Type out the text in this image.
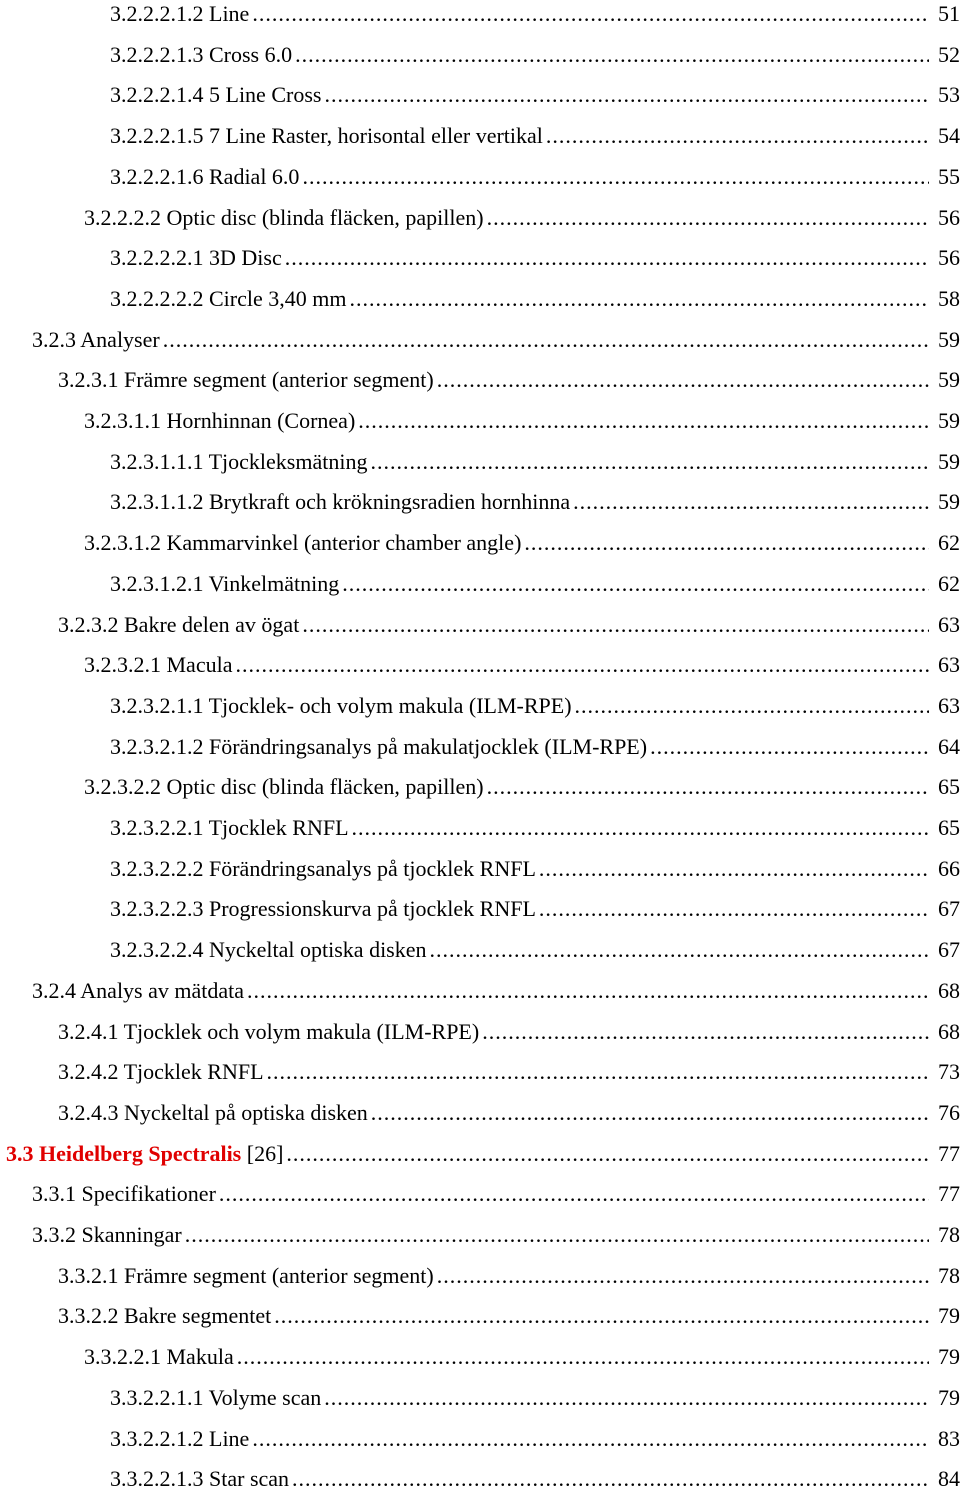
3.2.2.2.1.2 Line .....	51
3.2.2.2.1.3 Cross 6.0 .....	52
3.2.2.2.1.4 5 Line Cross .....	53
3.2.2.2.1.5 7 Line Raster, horisontal eller vertikal .....	54
3.2.2.2.1.6 Radial 6.0 .....	55
3.2.2.2.2 Optic disc (blinda fläcken, papillen) .....	56
3.2.2.2.2.1 3D Disc .....	56
3.2.2.2.2.2 Circle 3,40 mm .....	58
3.2.3 Analyser .....	59
3.2.3.1 Främre segment (anterior segment) .....	59
3.2.3.1.1 Hornhinnan (Cornea) .....	59
3.2.3.1.1.1 Tjockleksmätning .....	59
3.2.3.1.1.2 Brytkraft och krökningsradien hornhinna .....	59
3.2.3.1.2 Kammarvinkel (anterior chamber angle) .....	62
3.2.3.1.2.1 Vinkelmätning .....	62
3.2.3.2 Bakre delen av ögat .....	63
3.2.3.2.1 Macula .....	63
3.2.3.2.1.1 Tjocklek- och volym makula (ILM-RPE) .....	63
3.2.3.2.1.2 Förändringsanalys på makulatjocklek (ILM-RPE) .....	64
3.2.3.2.2 Optic disc (blinda fläcken, papillen) .....	65
3.2.3.2.2.1 Tjocklek RNFL .....	65
3.2.3.2.2.2 Förändringsanalys på tjocklek RNFL .....	66
3.2.3.2.2.3 Progressionskurva på tjocklek RNFL .....	67
3.2.3.2.2.4 Nyckeltal optiska disken .....	67
3.2.4 Analys av mätdata .....	68
3.2.4.1 Tjocklek och volym makula (ILM-RPE) .....	68
3.2.4.2 Tjocklek RNFL .....	73
3.2.4.3 Nyckeltal på optiska disken .....	76
3.3 Heidelberg Spectralis [26] .....	77
3.3.1 Specifikationer .....	77
3.3.2 Skanningar .....	78
3.3.2.1 Främre segment (anterior segment) .....	78
3.3.2.2 Bakre segmentet .....	79
3.3.2.2.1 Makula .....	79
3.3.2.2.1.1 Volyme scan .....	79
3.3.2.2.1.2 Line .....	83
3.3.2.2.1.3 Star scan .....	84
